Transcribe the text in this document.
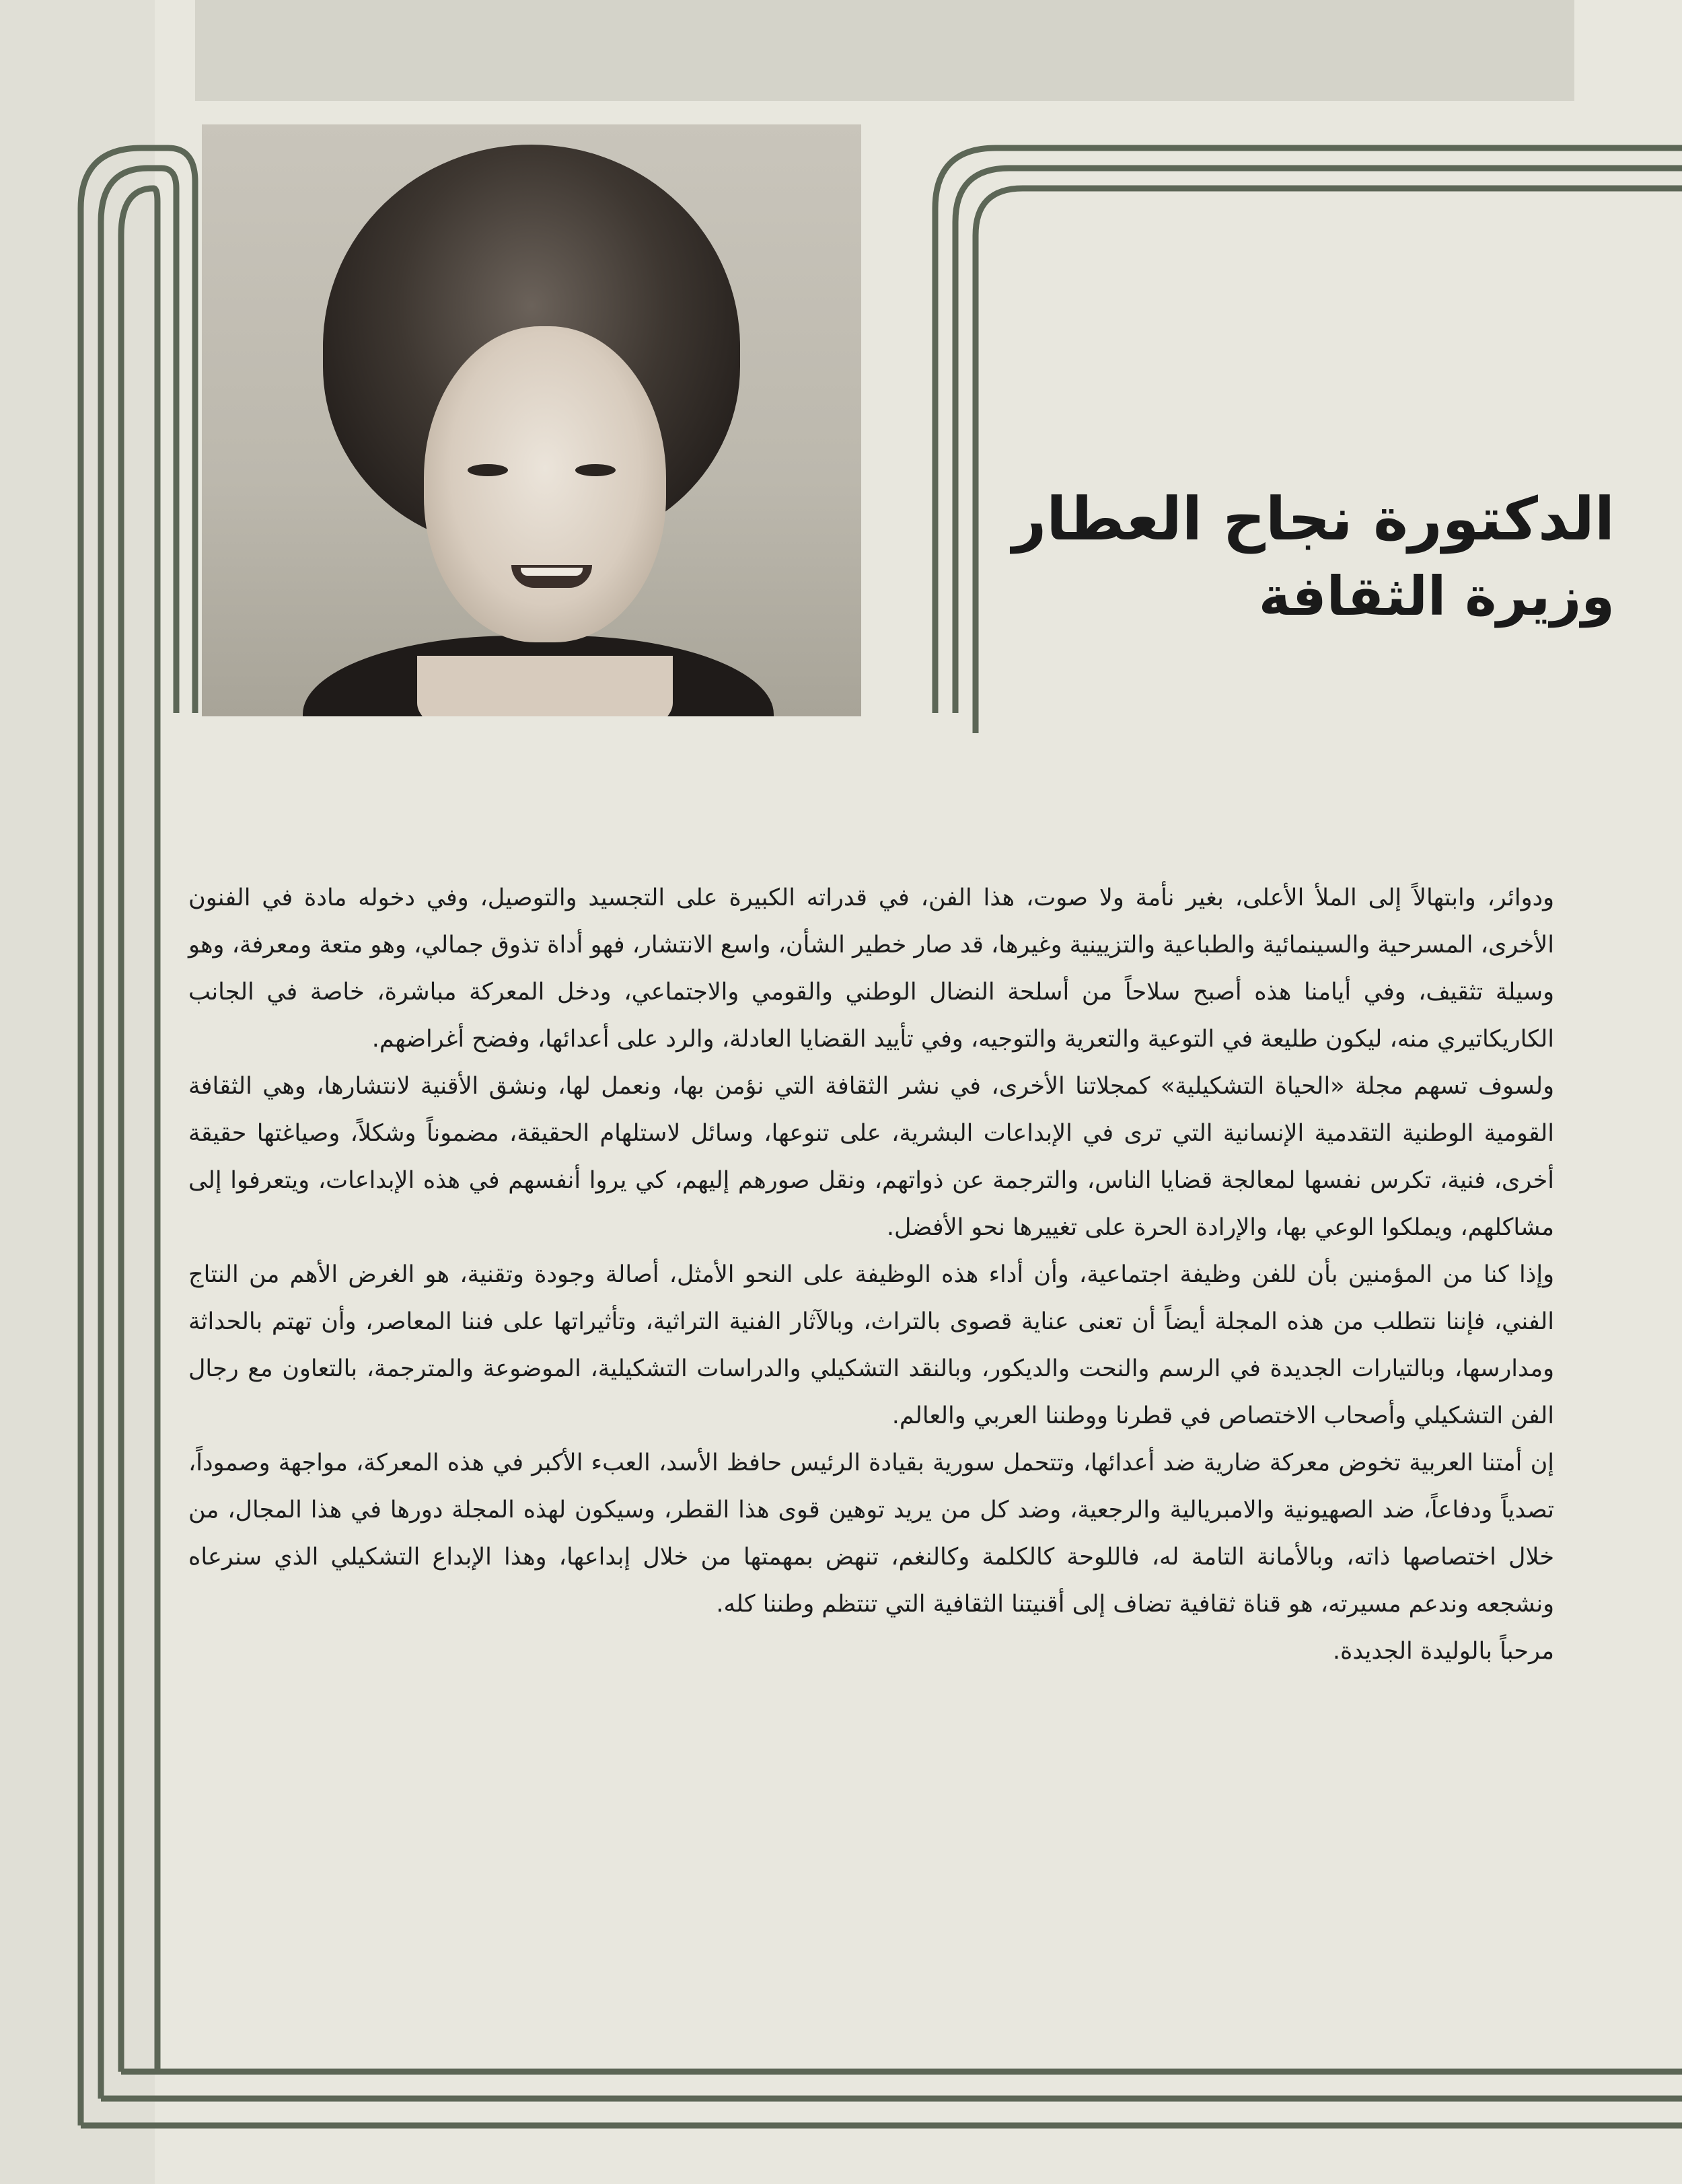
الدكتورة نجاح العطار
وزيرة الثقافة

ودوائر، وابتهالاً إلى الملأ الأعلى، بغير نأمة ولا صوت، هذا الفن، في قدراته الكبيرة على التجسيد والتوصيل، وفي دخوله مادة في الفنون الأخرى، المسرحية والسينمائية والطباعية والتزيينية وغيرها، قد صار خطير الشأن، واسع الانتشار، فهو أداة تذوق جمالي، وهو متعة ومعرفة، وهو وسيلة تثقيف، وفي أيامنا هذه أصبح سلاحاً من أسلحة النضال الوطني والقومي والاجتماعي، ودخل المعركة مباشرة، خاصة في الجانب الكاريكاتيري منه، ليكون طليعة في التوعية والتعرية والتوجيه، وفي تأييد القضايا العادلة، والرد على أعدائها، وفضح أغراضهم.

ولسوف تسهم مجلة «الحياة التشكيلية» كمجلاتنا الأخرى، في نشر الثقافة التي نؤمن بها، ونعمل لها، ونشق الأقنية لانتشارها، وهي الثقافة القومية الوطنية التقدمية الإنسانية التي ترى في الإبداعات البشرية، على تنوعها، وسائل لاستلهام الحقيقة، مضموناً وشكلاً، وصياغتها حقيقة أخرى، فنية، تكرس نفسها لمعالجة قضايا الناس، والترجمة عن ذواتهم، ونقل صورهم إليهم، كي يروا أنفسهم في هذه الإبداعات، ويتعرفوا إلى مشاكلهم، ويملكوا الوعي بها، والإرادة الحرة على تغييرها نحو الأفضل.

وإذا كنا من المؤمنين بأن للفن وظيفة اجتماعية، وأن أداء هذه الوظيفة على النحو الأمثل، أصالة وجودة وتقنية، هو الغرض الأهم من النتاج الفني، فإننا نتطلب من هذه المجلة أيضاً أن تعنى عناية قصوى بالتراث، وبالآثار الفنية التراثية، وتأثيراتها على فننا المعاصر، وأن تهتم بالحداثة ومدارسها، وبالتيارات الجديدة في الرسم والنحت والديكور، وبالنقد التشكيلي والدراسات التشكيلية، الموضوعة والمترجمة، بالتعاون مع رجال الفن التشكيلي وأصحاب الاختصاص في قطرنا ووطننا العربي والعالم.

إن أمتنا العربية تخوض معركة ضارية ضد أعدائها، وتتحمل سورية بقيادة الرئيس حافظ الأسد، العبء الأكبر في هذه المعركة، مواجهة وصموداً، تصدياً ودفاعاً، ضد الصهيونية والامبريالية والرجعية، وضد كل من يريد توهين قوى هذا القطر، وسيكون لهذه المجلة دورها في هذا المجال، من خلال اختصاصها ذاته، وبالأمانة التامة له، فاللوحة كالكلمة وكالنغم، تنهض بمهمتها من خلال إبداعها، وهذا الإبداع التشكيلي الذي سنرعاه ونشجعه وندعم مسيرته، هو قناة ثقافية تضاف إلى أقنيتنا الثقافية التي تنتظم وطننا كله.

مرحباً بالوليدة الجديدة.
